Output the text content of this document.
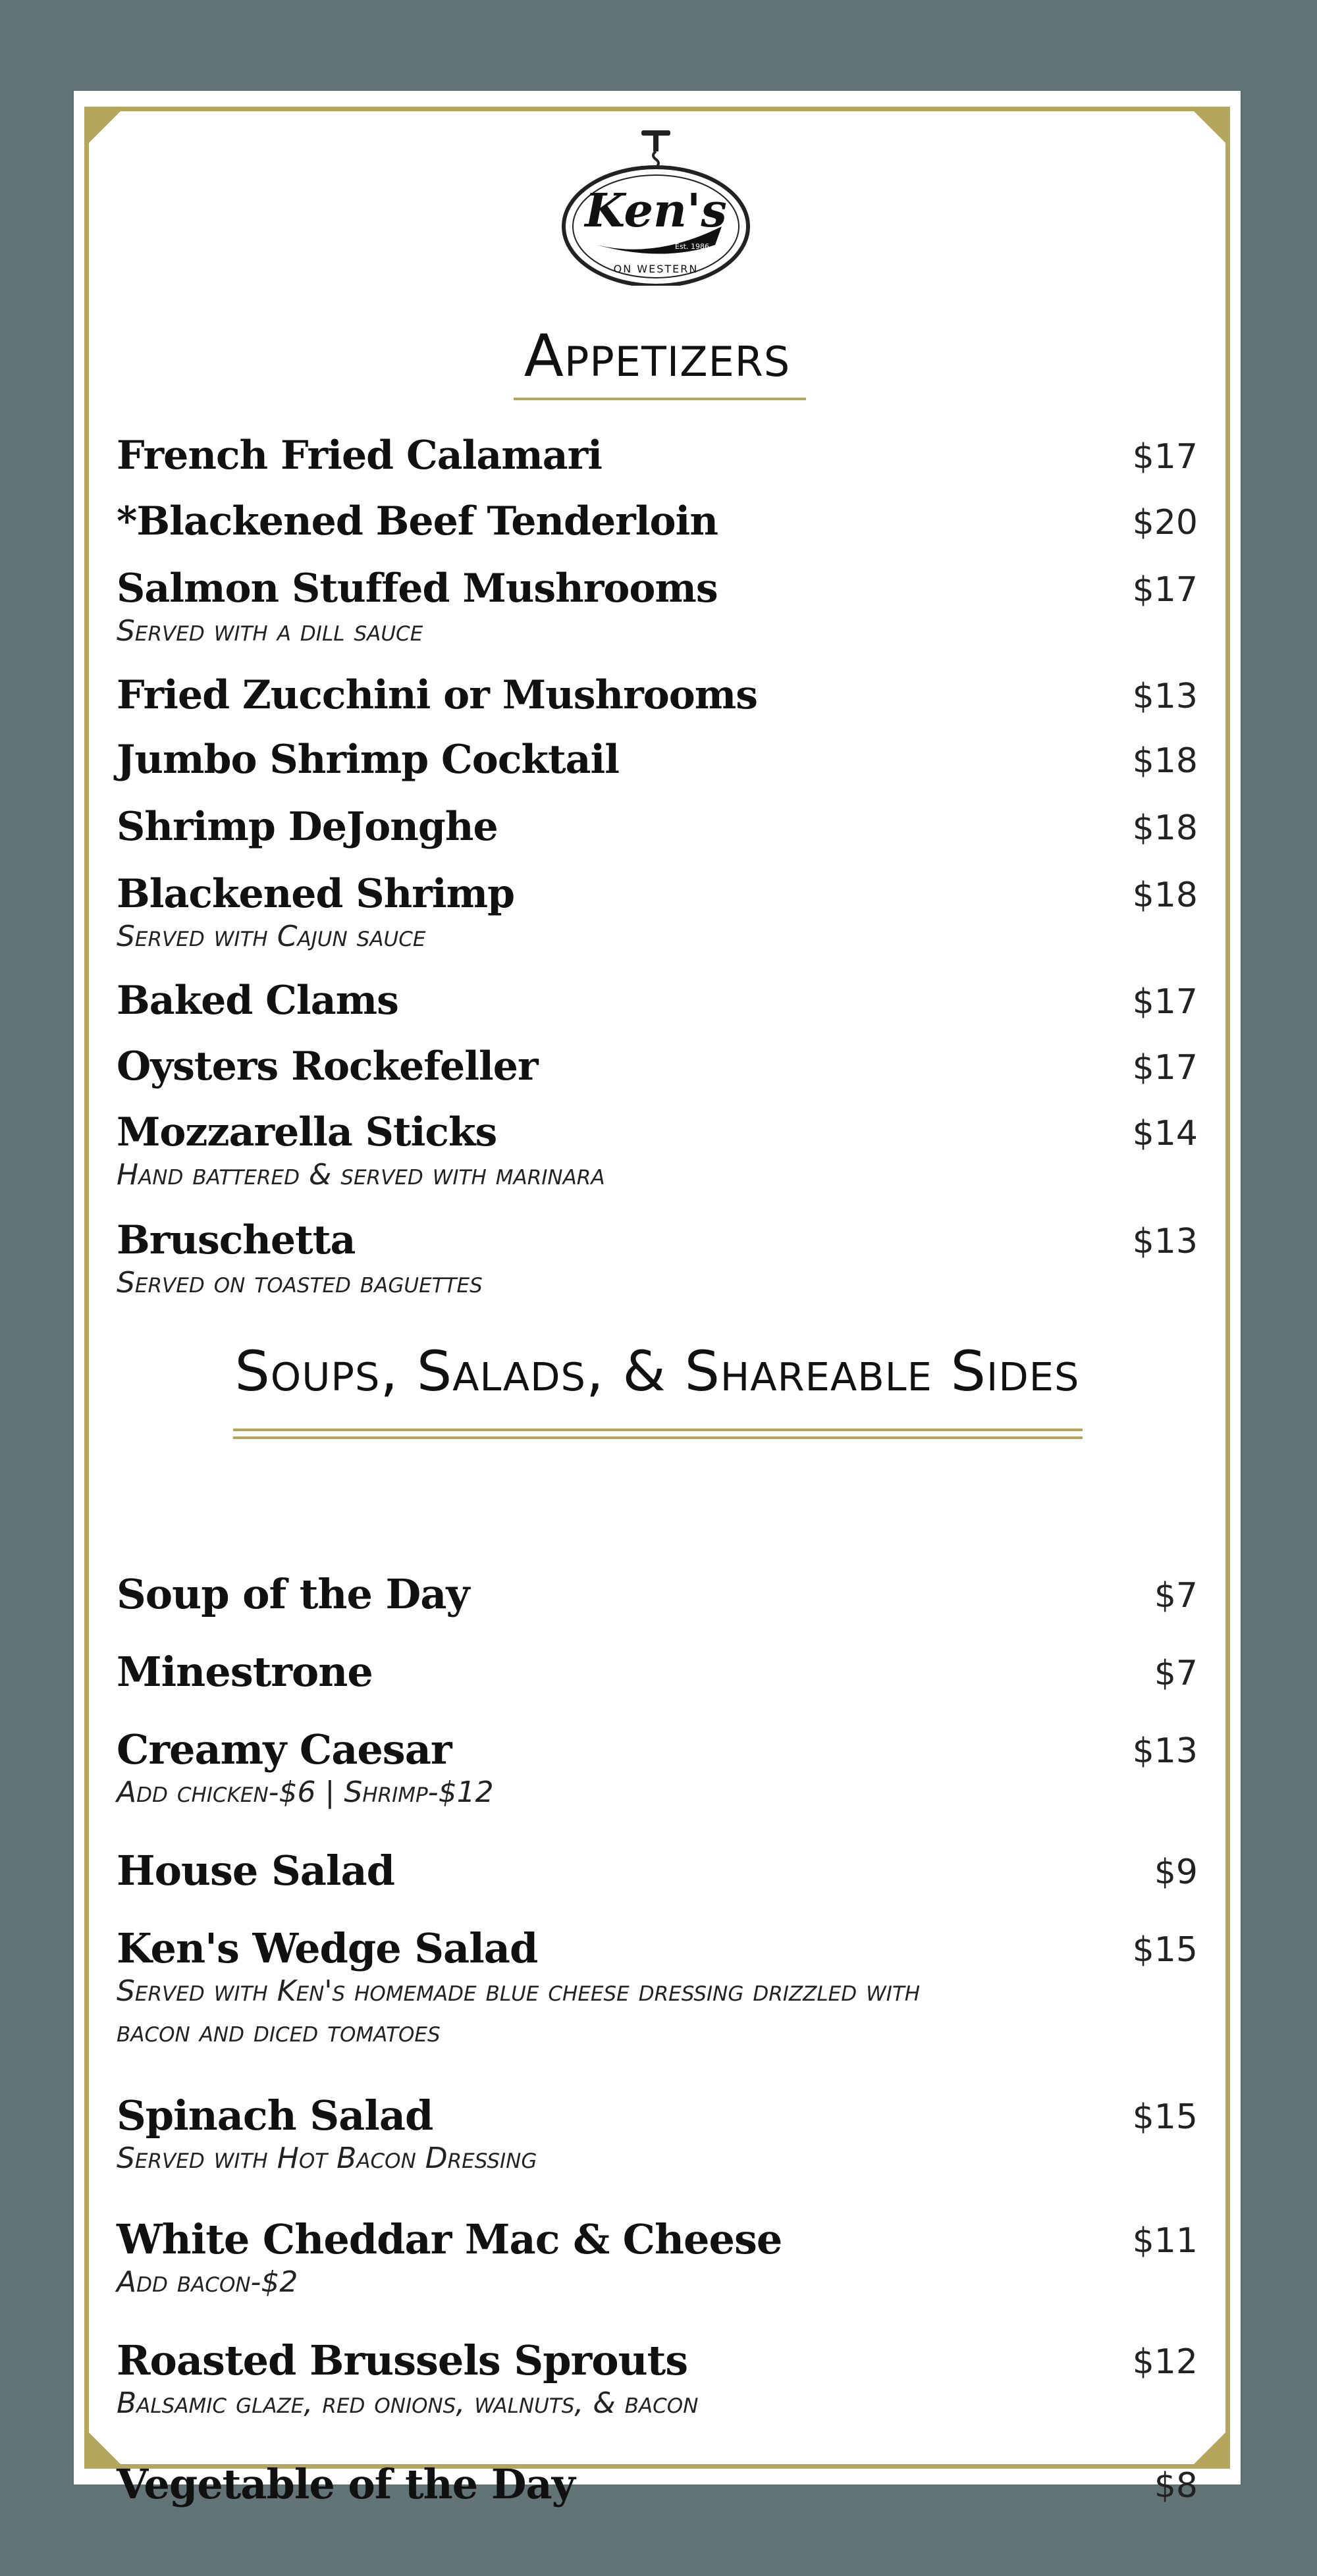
Ken's
Est. 1986
ON WESTERN
Appetizers
French Fried Calamari	$17
*Blackened Beef Tenderloin	$20
Salmon Stuffed Mushrooms	$17
Served with a dill sauce
Fried Zucchini or Mushrooms	$13
Jumbo Shrimp Cocktail	$18
Shrimp DeJonghe	$18
Blackened Shrimp	$18
Served with Cajun sauce
Baked Clams	$17
Oysters Rockefeller	$17
Mozzarella Sticks	$14
Hand battered & served with marinara
Bruschetta	$13
Served on toasted baguettes
Soups, Salads, & Shareable Sides
Soup of the Day	$7
Minestrone	$7
Creamy Caesar	$13
Add chicken-$6 | Shrimp-$12
House Salad	$9
Ken's Wedge Salad	$15
Served with Ken's homemade blue cheese dressing drizzled with
bacon and diced tomatoes
Spinach Salad	$15
Served with Hot Bacon Dressing
White Cheddar Mac & Cheese	$11
Add bacon-$2
Roasted Brussels Sprouts	$12
Balsamic glaze, red onions, walnuts, & bacon
Vegetable of the Day	$8
